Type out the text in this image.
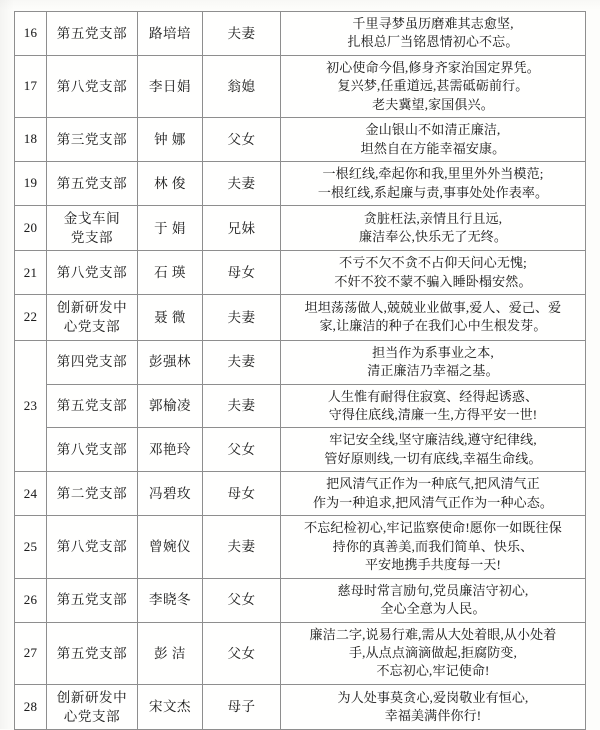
16	第五党支部	路培培	夫妻	千里寻梦虽历磨难其志愈坚,
扎根总厂当铭恩情初心不忘。

17	第八党支部	李日娟	翁媳	初心使命今倡,修身齐家治国定界凭。
复兴梦,任重道远,甚需砥砺前行。
老夫冀望,家国俱兴。

18	第三党支部	钟 娜	父女	金山银山不如清正廉洁,
坦然自在方能幸福安康。

19	第五党支部	林 俊	夫妻	一根红线,牵起你和我,里里外外当模范;
一根红线,系起廉与责,事事处处作表率。

20	金戈车间
党支部	于 娟	兄妹	贪脏枉法,亲情且行且远,
廉洁奉公,快乐无了无终。

21	第八党支部	石 瑛	母女	不亏不欠不贪不占仰天问心无愧;
不奸不狡不蒙不骗入睡卧榻安然。

22	创新研发中
心党支部	聂 微	夫妻	坦坦荡荡做人,兢兢业业做事,爱人、爱己、爱
家,让廉洁的种子在我们心中生根发芽。

23	第四党支部	彭强林	夫妻	担当作为系事业之本,
清正廉洁乃幸福之基。

	第五党支部	郭榆凌	夫妻	人生惟有耐得住寂寞、经得起诱惑、
守得住底线,清廉一生,方得平安一世!

	第八党支部	邓艳玲	父女	牢记安全线,坚守廉洁线,遵守纪律线,
管好原则线,一切有底线,幸福生命线。

24	第二党支部	冯碧玫	母女	把风清气正作为一种底气,把风清气正
作为一种追求,把风清气正作为一种心态。

25	第八党支部	曾婉仪	夫妻	不忘纪检初心,牢记监察使命!愿你一如既往保
持你的真善美,而我们简单、快乐、
平安地携手共度每一天!

26	第五党支部	李晓冬	父女	慈母时常言励句,党员廉洁守初心,
全心全意为人民。

27	第五党支部	彭 洁	父女	廉洁二字,说易行难,需从大处着眼,从小处着
手,从点点滴滴做起,拒腐防变,
不忘初心,牢记使命!

28	创新研发中
心党支部	宋文杰	母子	为人处事莫贪心,爱岗敬业有恒心,
幸福美满伴你行!
